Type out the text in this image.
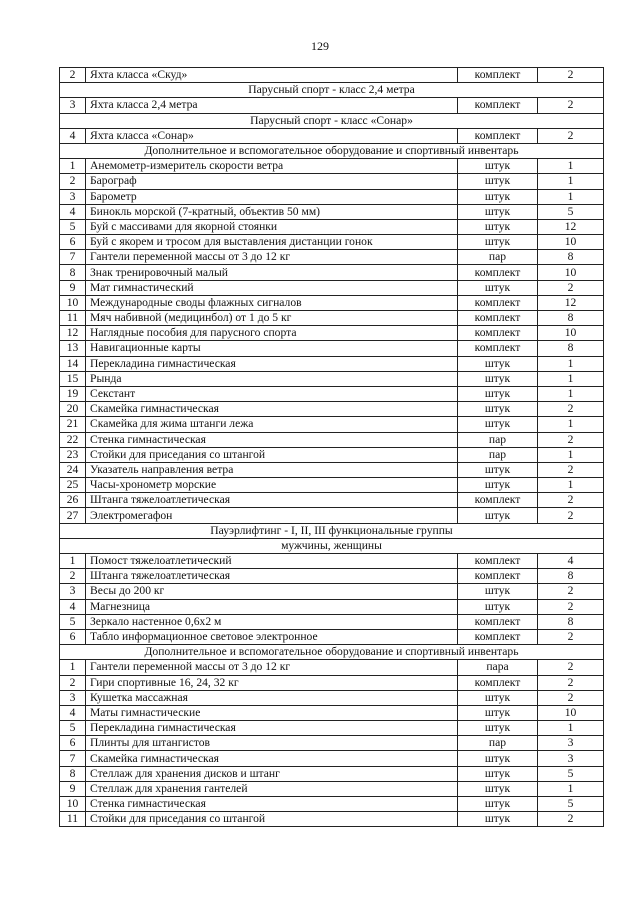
129
2	Яхта класса «Скуд»	комплект	2
Парусный спорт - класс 2,4 метра			
3	Яхта класса 2,4 метра	комплект	2
Парусный спорт - класс «Сонар»			
4	Яхта класса «Сонар»	комплект	2
Дополнительное и вспомогательное оборудование и спортивный инвентарь			
1	Анемометр-измеритель скорости ветра	штук	1
2	Барограф	штук	1
3	Барометр	штук	1
4	Бинокль морской (7-кратный, объектив 50 мм)	штук	5
5	Буй с массивами для якорной стоянки	штук	12
6	Буй с якорем и тросом для выставления дистанции гонок	штук	10
7	Гантели переменной массы от 3 до 12 кг	пар	8
8	Знак тренировочный малый	комплект	10
9	Мат гимнастический	штук	2
10	Международные своды флажных сигналов	комплект	12
11	Мяч набивной (медицинбол) от 1 до 5 кг	комплект	8
12	Наглядные пособия для парусного спорта	комплект	10
13	Навигационные карты	комплект	8
14	Перекладина гимнастическая	штук	1
15	Рында	штук	1
19	Секстант	штук	1
20	Скамейка гимнастическая	штук	2
21	Скамейка для жима штанги лежа	штук	1
22	Стенка гимнастическая	пар	2
23	Стойки для приседания со штангой	пар	1
24	Указатель направления ветра	штук	2
25	Часы-хронометр морские	штук	1
26	Штанга тяжелоатлетическая	комплект	2
27	Электромегафон	штук	2
Пауэрлифтинг - I, II, III функциональные группы			
мужчины, женщины			
1	Помост тяжелоатлетический	комплект	4
2	Штанга тяжелоатлетическая	комплект	8
3	Весы до 200 кг	штук	2
4	Магнезница	штук	2
5	Зеркало настенное 0,6х2 м	комплект	8
6	Табло информационное световое электронное	комплект	2
Дополнительное и вспомогательное оборудование и спортивный инвентарь			
1	Гантели переменной массы от 3 до 12 кг	пара	2
2	Гири спортивные 16, 24, 32 кг	комплект	2
3	Кушетка массажная	штук	2
4	Маты гимнастические	штук	10
5	Перекладина гимнастическая	штук	1
6	Плинты для штангистов	пар	3
7	Скамейка гимнастическая	штук	3
8	Стеллаж для хранения дисков и штанг	штук	5
9	Стеллаж для хранения гантелей	штук	1
10	Стенка гимнастическая	штук	5
11	Стойки для приседания со штангой	штук	2
